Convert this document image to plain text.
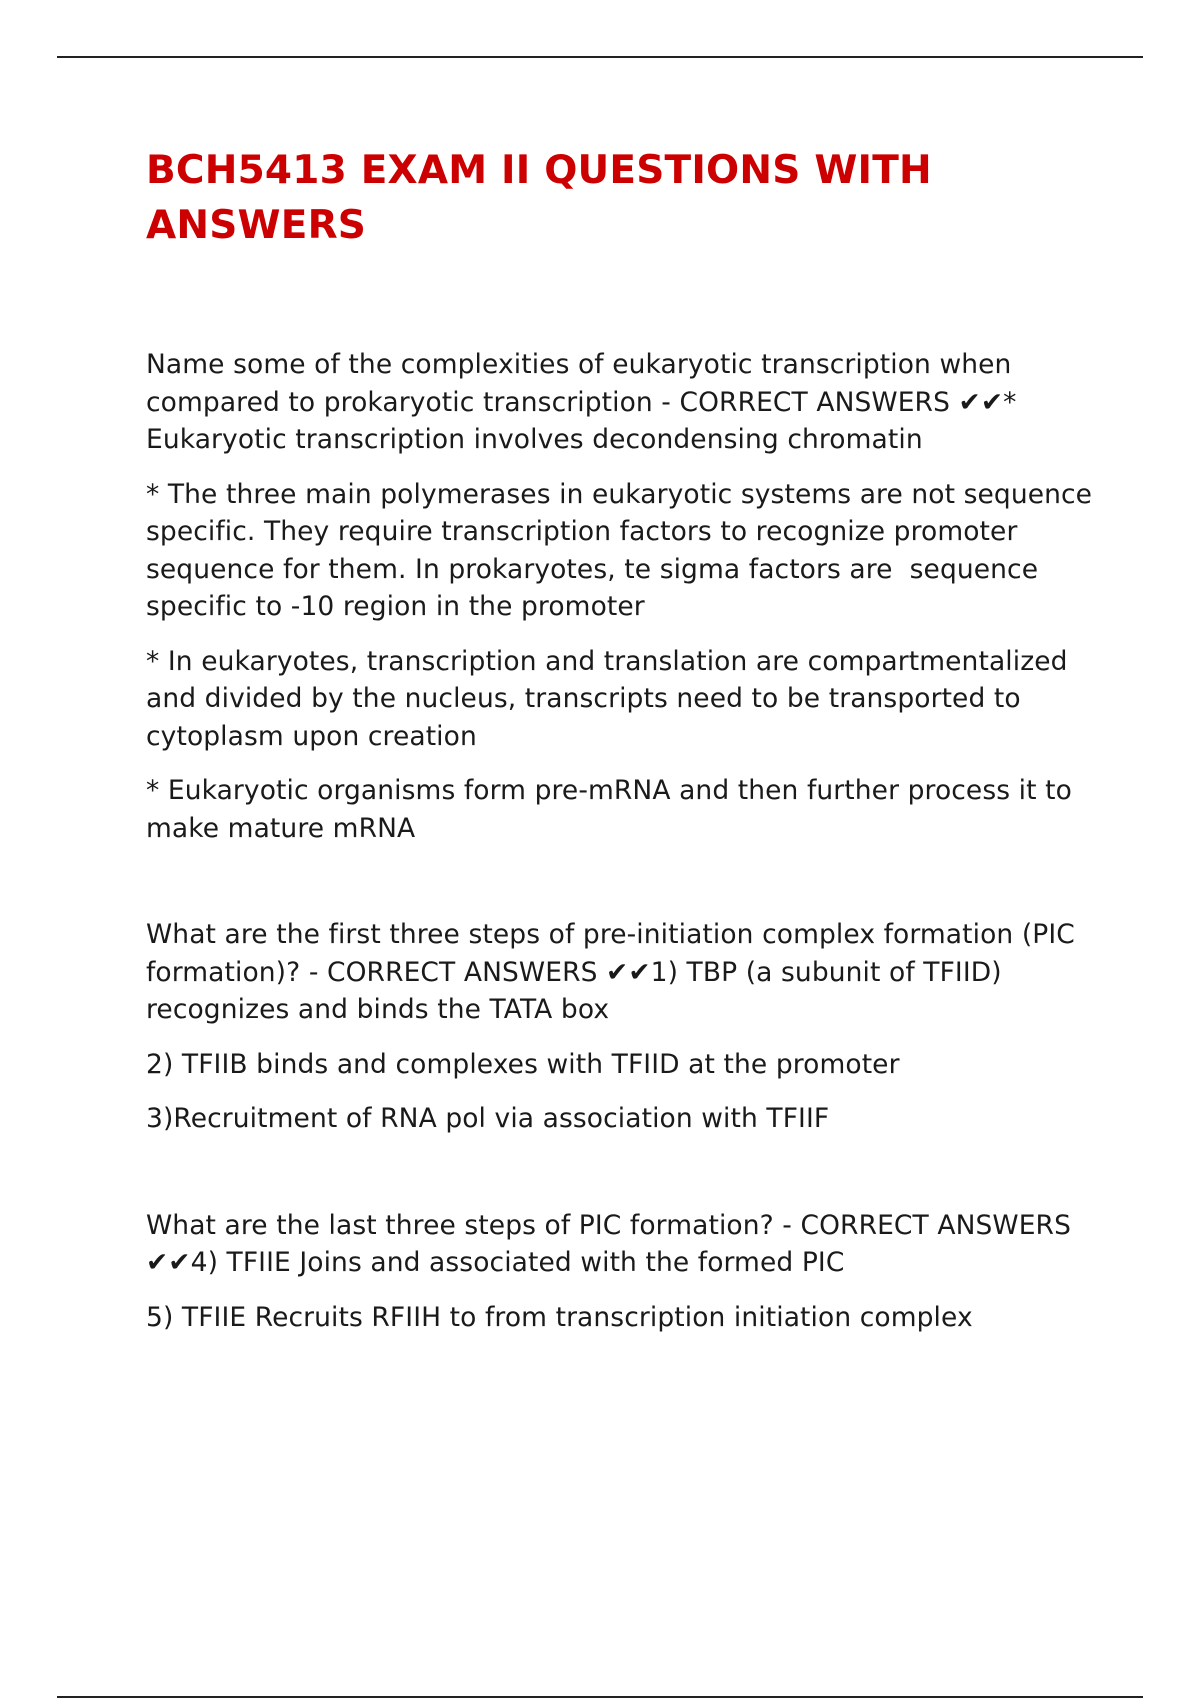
BCH5413 EXAM II QUESTIONS WITH
ANSWERS

Name some of the complexities of eukaryotic transcription when compared to prokaryotic transcription - CORRECT ANSWERS ✔✔* Eukaryotic transcription involves decondensing chromatin

* The three main polymerases in eukaryotic systems are not sequence specific. They require transcription factors to recognize promoter sequence for them. In prokaryotes, te sigma factors are  sequence specific to -10 region in the promoter

* In eukaryotes, transcription and translation are compartmentalized and divided by the nucleus, transcripts need to be transported to cytoplasm upon creation

* Eukaryotic organisms form pre-mRNA and then further process it to make mature mRNA

What are the first three steps of pre-initiation complex formation (PIC formation)? - CORRECT ANSWERS ✔✔1) TBP (a subunit of TFIID) recognizes and binds the TATA box

2) TFIIB binds and complexes with TFIID at the promoter

3)Recruitment of RNA pol via association with TFIIF

What are the last three steps of PIC formation? - CORRECT ANSWERS ✔✔4) TFIIE Joins and associated with the formed PIC

5) TFIIE Recruits RFIIH to from transcription initiation complex
